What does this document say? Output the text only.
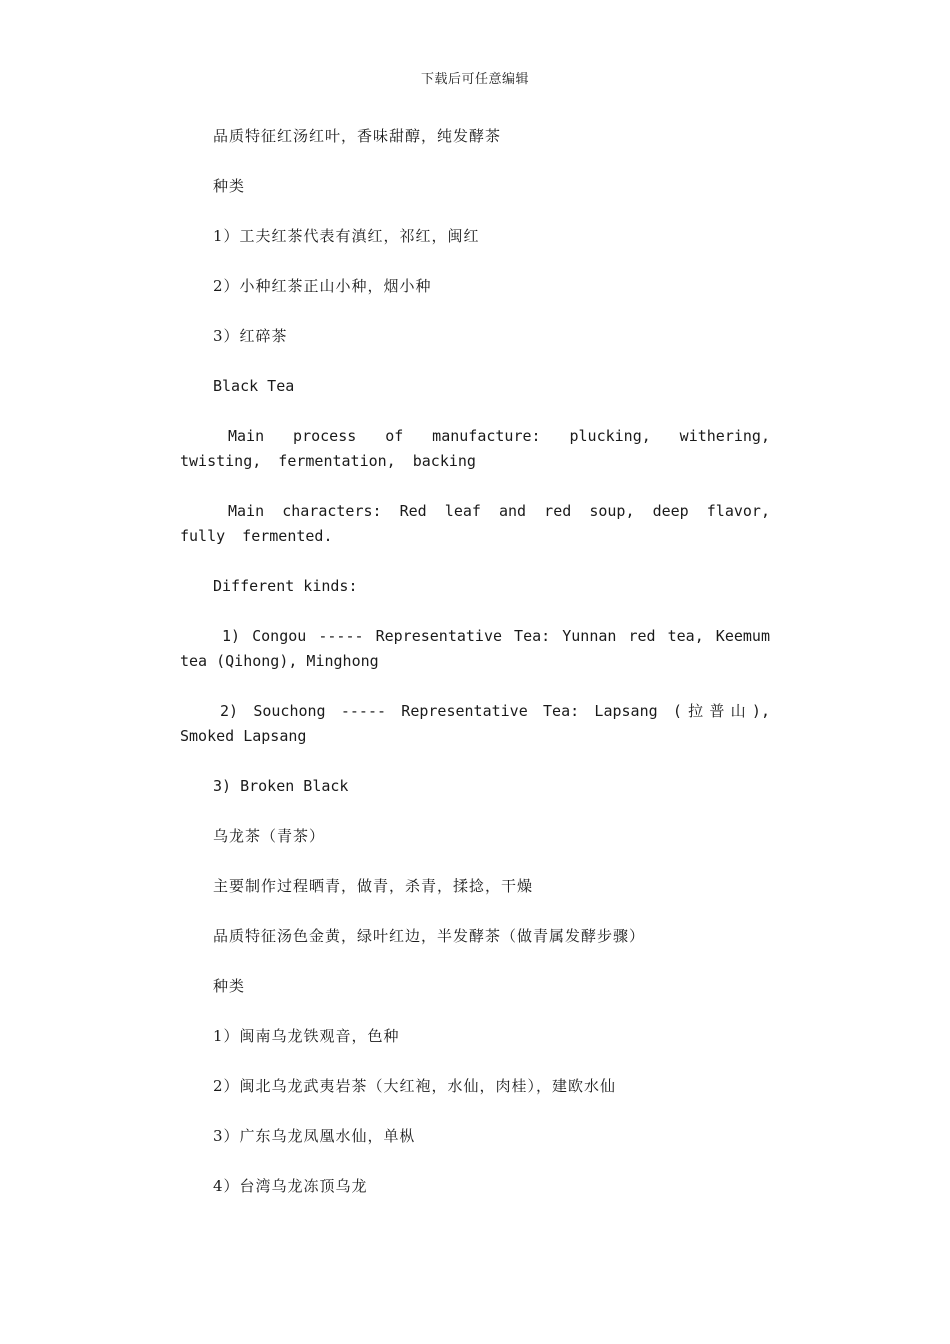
下载后可任意编辑

品质特征红汤红叶，香味甜醇，纯发酵茶

种类

1）工夫红茶代表有滇红，祁红，闽红

2）小种红茶正山小种，烟小种

3）红碎茶

Black Tea

Main process of manufacture: plucking, withering, twisting, fermentation, backing

Main characters: Red leaf and red soup, deep flavor, fully fermented.

Different kinds:

1) Congou ----- Representative Tea: Yunnan red tea, Keemum tea (Qihong), Minghong

2) Souchong ----- Representative Tea: Lapsang (拉普山), Smoked Lapsang

3) Broken Black

乌龙茶（青茶）

主要制作过程晒青，做青，杀青，揉捻，干燥

品质特征汤色金黄，绿叶红边，半发酵茶（做青属发酵步骤）

种类

1）闽南乌龙铁观音，色种

2）闽北乌龙武夷岩茶（大红袍，水仙，肉桂），建欧水仙

3）广东乌龙凤凰水仙，单枞

4）台湾乌龙冻顶乌龙
